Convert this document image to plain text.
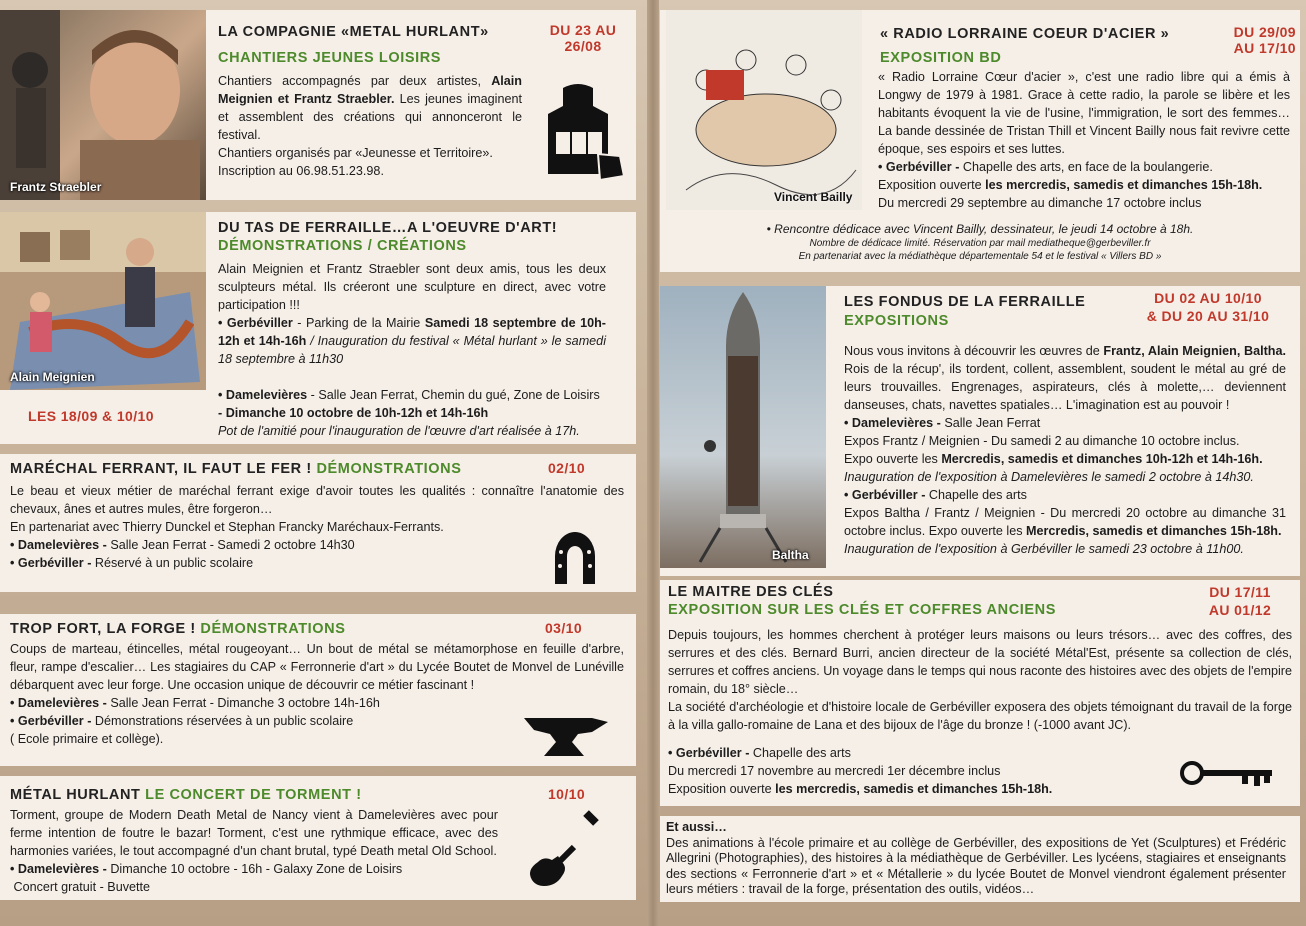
Frantz Straebler
LA COMPAGNIE «METAL HURLANT»
CHANTIERS JEUNES LOISIRS
DU 23 AU
26/08
Chantiers accompagnés par deux artistes, Alain Meignien et Frantz Straebler. Les jeunes imaginent et assemblent des créations qui annonceront le festival.
Chantiers organisés par «Jeunesse et Territoire».
Inscription au 06.98.51.23.98.
Alain Meignien
LES 18/09 & 10/10
DU TAS DE FERRAILLE…A L'OEUVRE D'ART!
DÉMONSTRATIONS / CRÉATIONS
Alain Meignien et Frantz Straebler sont deux amis, tous les deux sculpteurs métal. Ils créeront une sculpture en direct, avec votre participation !!!
• Gerbéviller - Parking de la Mairie Samedi 18 septembre de 10h-12h et 14h-16h / Inauguration du festival « Métal hurlant » le samedi 18 septembre à 11h30
• Damelevières - Salle Jean Ferrat, Chemin du gué, Zone de Loisirs
- Dimanche 10 octobre de 10h-12h et 14h-16h
Pot de l'amitié pour l'inauguration de l'œuvre d'art réalisée à 17h.
MARÉCHAL FERRANT, IL FAUT LE FER ! DÉMONSTRATIONS	02/10
Le beau et vieux métier de maréchal ferrant exige d'avoir toutes les qualités : connaître l'anatomie des chevaux, ânes et autres mules, être forgeron…
En partenariat avec Thierry Dunckel et Stephan Francky Maréchaux-Ferrants.
• Damelevières - Salle Jean Ferrat - Samedi 2 octobre 14h30
• Gerbéviller - Réservé à un public scolaire
TROP FORT, LA FORGE ! DÉMONSTRATIONS	03/10
Coups de marteau, étincelles, métal rougeoyant… Un bout de métal se métamorphose en feuille d'arbre, fleur, rampe d'escalier… Les stagiaires du CAP « Ferronnerie d'art » du Lycée Boutet de Monvel de Lunéville débarquent avec leur forge. Une occasion unique de découvrir ce métier fascinant !
• Damelevières - Salle Jean Ferrat - Dimanche 3 octobre 14h-16h
• Gerbéviller - Démonstrations réservées à un public scolaire
( Ecole primaire et collège).
MÉTAL HURLANT LE CONCERT DE TORMENT !	10/10
Torment, groupe de Modern Death Metal de Nancy vient à Damelevières avec pour ferme intention de foutre le bazar! Torment, c'est une rythmique efficace, avec des harmonies variées, le tout accompagné d'un chant brutal, typé Death metal Old School.
• Damelevières - Dimanche 10 octobre - 16h - Galaxy Zone de Loisirs
Concert gratuit - Buvette
Vincent Bailly
« RADIO LORRAINE COEUR D'ACIER »
EXPOSITION BD
DU 29/09
AU 17/10
« Radio Lorraine Cœur d'acier », c'est une radio libre qui a émis à Longwy de 1979 à 1981. Grace à cette radio, la parole se libère et les habitants évoquent la vie de l'usine, l'immigration, le sort des femmes… La bande dessinée de Tristan Thill et Vincent Bailly nous fait revivre cette époque, ses espoirs et ses luttes.
• Gerbéviller - Chapelle des arts, en face de la boulangerie.
Exposition ouverte les mercredis, samedis et dimanches 15h-18h.
Du mercredi 29 septembre au dimanche 17 octobre inclus
• Rencontre dédicace avec Vincent Bailly, dessinateur, le jeudi 14 octobre à 18h.
Nombre de dédicace limité. Réservation par mail mediatheque@gerbeviller.fr
En partenariat avec la médiathèque départementale 54 et le festival « Villers BD »
Baltha
LES FONDUS DE LA FERRAILLE
EXPOSITIONS
DU 02 AU 10/10
& DU 20 AU 31/10
Nous vous invitons à découvrir les œuvres de Frantz, Alain Meignien, Baltha. Rois de la récup', ils tordent, collent, assemblent, soudent le métal au gré de leurs trouvailles. Engrenages, aspirateurs, clés à molette,… deviennent danseuses, chats, navettes spatiales… L'imagination est au pouvoir !
• Damelevières - Salle Jean Ferrat
Expos Frantz / Meignien - Du samedi 2 au dimanche 10 octobre inclus.
Expo ouverte les Mercredis, samedis et dimanches 10h-12h et 14h-16h.
Inauguration de l'exposition à Damelevières le samedi 2 octobre à 14h30.
• Gerbéviller - Chapelle des arts
Expos Baltha / Frantz / Meignien - Du mercredi 20 octobre au dimanche 31 octobre inclus. Expo ouverte les Mercredis, samedis et dimanches 15h-18h.
Inauguration de l'exposition à Gerbéviller le samedi 23 octobre à 11h00.
LE MAITRE DES CLÉS
EXPOSITION SUR LES CLÉS ET COFFRES ANCIENS
DU 17/11
AU 01/12
Depuis toujours, les hommes cherchent à protéger leurs maisons ou leurs trésors… avec des coffres, des serrures et des clés. Bernard Burri, ancien directeur de la société Métal'Est, présente sa collection de clés, serrures et coffres anciens. Un voyage dans le temps qui nous raconte des histoires avec des objets de l'empire romain, du 18° siècle…
La société d'archéologie et d'histoire locale de Gerbéviller exposera des objets témoignant du travail de la forge à la villa gallo-romaine de Lana et des bijoux de l'âge du bronze ! (-1000 avant JC).
• Gerbéviller - Chapelle des arts
Du mercredi 17 novembre au mercredi 1er décembre inclus
Exposition ouverte les mercredis, samedis et dimanches 15h-18h.
Et aussi…
Des animations à l'école primaire et au collège de Gerbéviller, des expositions de Yet (Sculptures) et Frédéric Allegrini (Photographies), des histoires à la médiathèque de Gerbéviller. Les lycéens, stagiaires et enseignants des sections « Ferronnerie d'art » et « Métallerie » du lycée Boutet de Monvel viendront également présenter leurs métiers : travail de la forge, présentation des outils, vidéos…
